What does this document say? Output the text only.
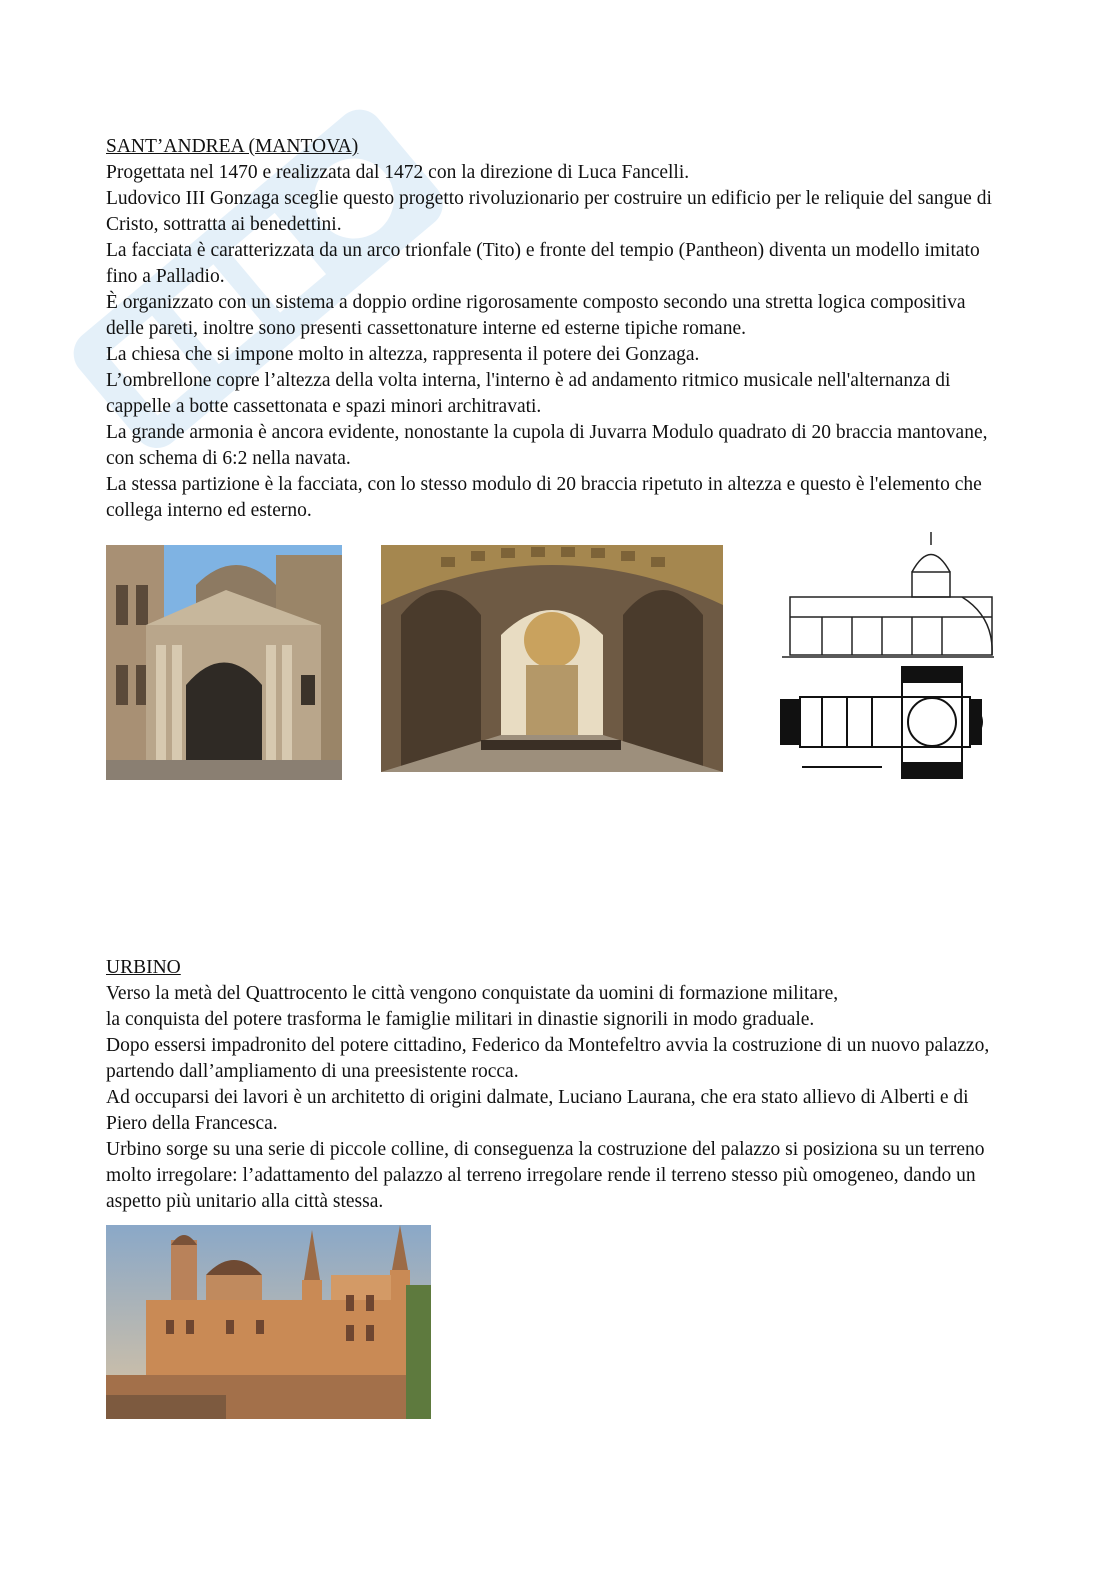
SANT’ANDREA (MANTOVA)

Progettata nel 1470 e realizzata dal 1472 con la direzione di Luca Fancelli.

Ludovico III Gonzaga sceglie questo progetto rivoluzionario per costruire un edificio per le reliquie del sangue di Cristo, sottratta ai benedettini.

La facciata è caratterizzata da un arco trionfale (Tito) e fronte del tempio (Pantheon) diventa un modello imitato fino a Palladio.

È organizzato con un sistema a doppio ordine rigorosamente composto secondo una stretta logica compositiva delle pareti, inoltre sono presenti cassettonature interne ed esterne tipiche romane.

La chiesa che si impone molto in altezza, rappresenta il potere dei Gonzaga.

L’ombrellone copre l’altezza della volta interna, l'interno è ad andamento ritmico musicale nell'alternanza di cappelle a botte cassettonata e spazi minori architravati.

La grande armonia è ancora evidente, nonostante la cupola di Juvarra Modulo quadrato di 20 braccia mantovane, con schema di 6:2 nella navata.

La stessa partizione è la facciata, con lo stesso modulo di 20 braccia ripetuto in altezza e questo è l'elemento che collega interno ed esterno.

URBINO

Verso la metà del Quattrocento le città vengono conquistate da uomini di formazione militare,

la conquista del potere trasforma le famiglie militari in dinastie signorili in modo graduale.

Dopo essersi impadronito del potere cittadino, Federico da Montefeltro avvia la costruzione di un nuovo palazzo, partendo dall’ampliamento di una preesistente rocca.

Ad occuparsi dei lavori è un architetto di origini dalmate, Luciano Laurana, che era stato allievo di Alberti e di Piero della Francesca.

Urbino sorge su una serie di piccole colline, di conseguenza la costruzione del palazzo si posiziona su un terreno molto irregolare: l’adattamento del palazzo al terreno irregolare rende il terreno stesso più omogeneo, dando un aspetto più unitario alla città stessa.
